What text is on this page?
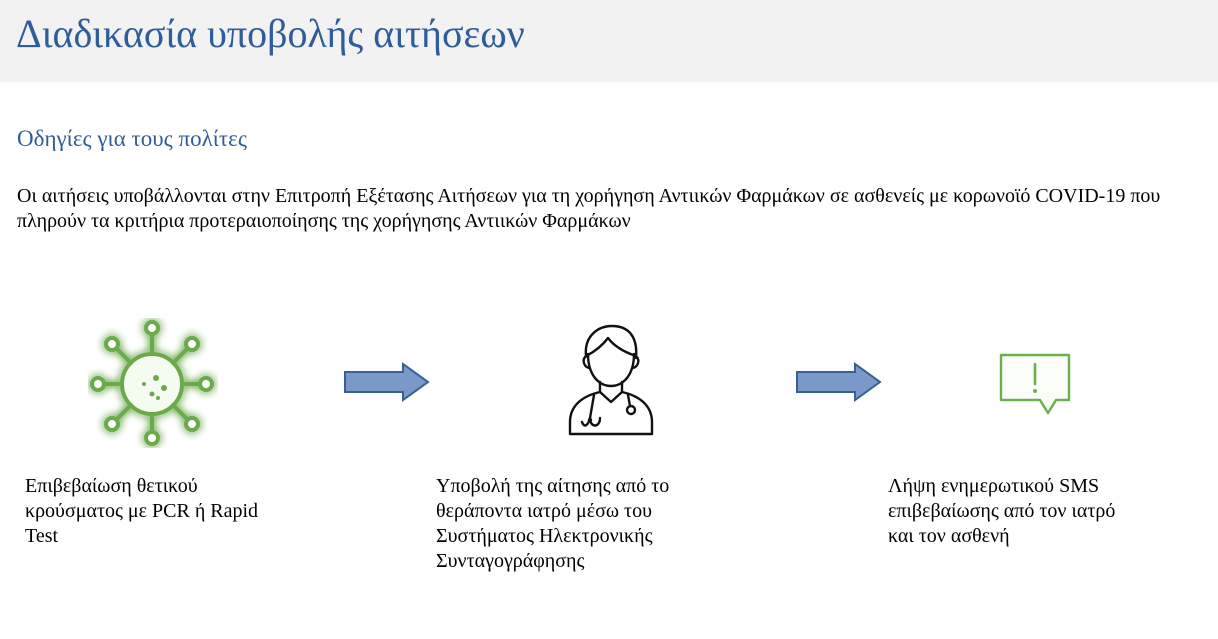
Διαδικασία υποβολής αιτήσεων
Οδηγίες για τους πολίτες

Οι αιτήσεις υποβάλλονται στην Επιτροπή Εξέτασης Αιτήσεων για τη χορήγηση Αντιικών Φαρμάκων σε ασθενείς με κορωνοϊό COVID-19 που πληρούν τα κριτήρια προτεραιοποίησης της χορήγησης Αντιικών Φαρμάκων

Επιβεβαίωση θετικού
κρούσματος με PCR ή Rapid
Test

Υποβολή της αίτησης από το
θεράποντα ιατρό μέσω του
Συστήματος Ηλεκτρονικής
Συνταγογράφησης

Λήψη ενημερωτικού SMS
επιβεβαίωσης από τον ιατρό
και τον ασθενή
